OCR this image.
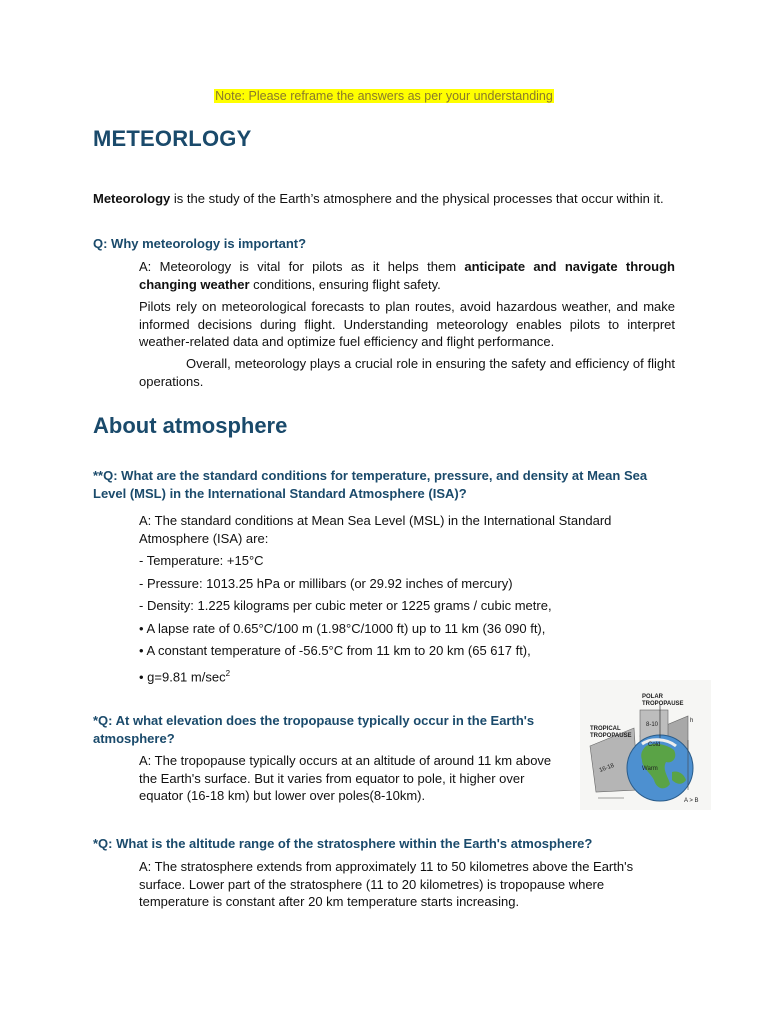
Note: Please reframe the answers as per your understanding
METEORLOGY

Meteorology is the study of the Earth’s atmosphere and the physical processes that occur within it.

Q: Why meteorology is important?

A: Meteorology is vital for pilots as it helps them anticipate and navigate through changing weather conditions, ensuring flight safety.

Pilots rely on meteorological forecasts to plan routes, avoid hazardous weather, and make informed decisions during flight. Understanding meteorology enables pilots to interpret weather-related data and optimize fuel efficiency and flight performance.

Overall, meteorology plays a crucial role in ensuring the safety and efficiency of flight operations.

About atmosphere

**Q: What are the standard conditions for temperature, pressure, and density at Mean Sea Level (MSL) in the International Standard Atmosphere (ISA)?

A: The standard conditions at Mean Sea Level (MSL) in the International Standard Atmosphere (ISA) are:

- Temperature: +15°C
- Pressure: 1013.25 hPa or millibars (or 29.92 inches of mercury)
- Density: 1.225 kilograms per cubic meter or 1225 grams / cubic metre,
• A lapse rate of 0.65°C/100 m (1.98°C/1000 ft) up to 11 km (36 090 ft),
• A constant temperature of -56.5°C from 11 km to 20 km (65 617 ft),
• g=9.81 $m/\sec^2$

*Q: At what elevation does the tropopause typically occur in the Earth's atmosphere?

A: The tropopause typically occurs at an altitude of around 11 km above the Earth's surface. But it varies from equator to pole, it higher over equator (16-18 km) but lower over poles(8-10km).

POLAR
TROPOPAUSE
TROPICAL
TROPOPAUSE
8-10
16-18
Cold
Warm
h
A > B

*Q: What is the altitude range of the stratosphere within the Earth's atmosphere?

A: The stratosphere extends from approximately 11 to 50 kilometres above the Earth's surface. Lower part of the stratosphere (11 to 20 kilometres) is tropopause where temperature is constant after 20 km temperature starts increasing.
